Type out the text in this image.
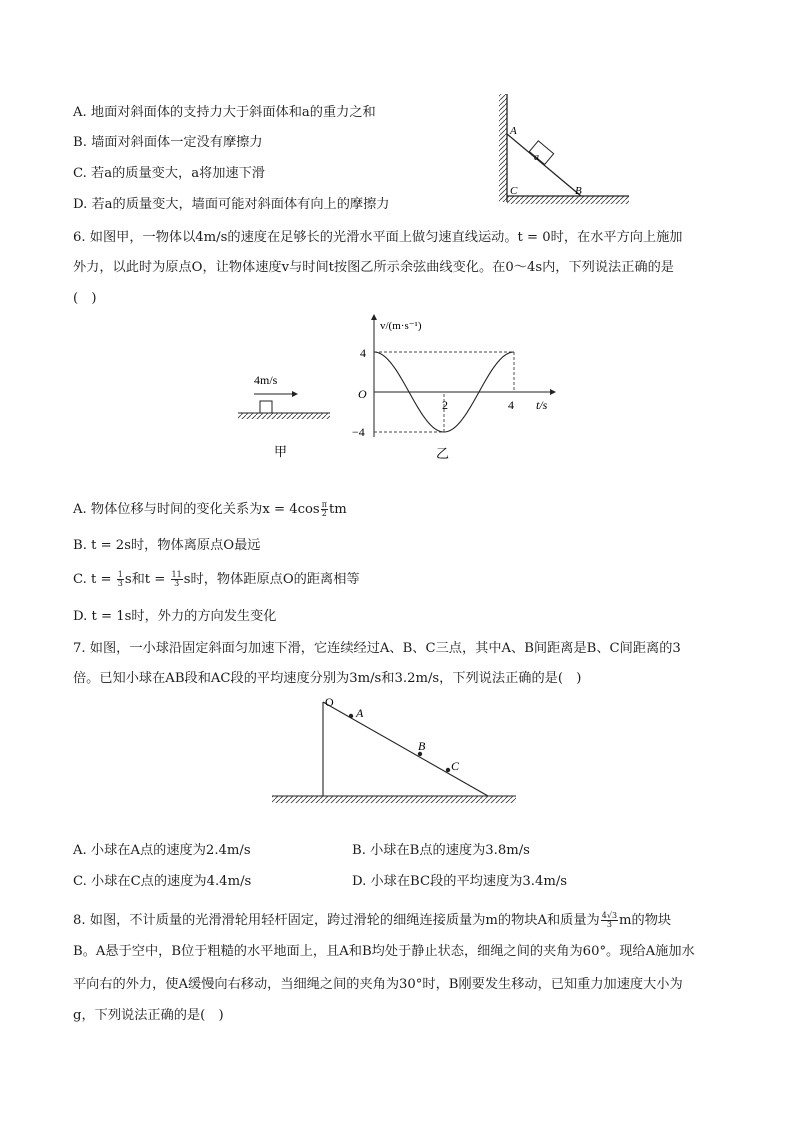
A. 地面对斜面体的支持力大于斜面体和a的重力之和
B. 墙面对斜面体一定没有摩擦力
C. 若a的质量变大，a将加速下滑
D. 若a的质量变大，墙面可能对斜面体有向上的摩擦力
a
A
B
C
6. 如图甲，一物体以4m/s的速度在足够长的光滑水平面上做匀速直线运动。t = 0时，在水平方向上施加
外力，以此时为原点O，让物体速度v与时间t按图乙所示余弦曲线变化。在0～4s内，下列说法正确的是
(　)
4m/s
甲
v/(m·s⁻¹)
t/s
O
4
−4
2	4
乙
A. 物体位移与时间的变化关系为$x = 4\cos \frac{\pi}{2}$ tm
B. t = 2s时，物体离原点O最远
C. $t = \frac{1}{3}$ s和$t = \frac{11}{3}$ s时，物体距原点O的距离相等
D. t = 1s时，外力的方向发生变化
7. 如图，一小球沿固定斜面匀加速下滑，它连续经过A、B、C三点，其中A、B间距离是B、C间距离的3
倍。已知小球在AB段和AC段的平均速度分别为3m/s和3.2m/s，下列说法正确的是(　)
O
A
B
C
A. 小球在A点的速度为2.4m/s	B. 小球在B点的速度为3.8m/s
C. 小球在C点的速度为4.4m/s	D. 小球在BC段的平均速度为3.4m/s
8. 如图，不计质量的光滑滑轮用轻杆固定，跨过滑轮的细绳连接质量为m的物块A和质量为 $\frac{4√3}{3}$ m的物块
B。A悬于空中，B位于粗糙的水平地面上，且A和B均处于静止状态，细绳之间的夹角为60°。现给A施加水
平向右的外力，使A缓慢向右移动，当细绳之间的夹角为30°时，B刚要发生移动，已知重力加速度大小为
g，下列说法正确的是(　)
